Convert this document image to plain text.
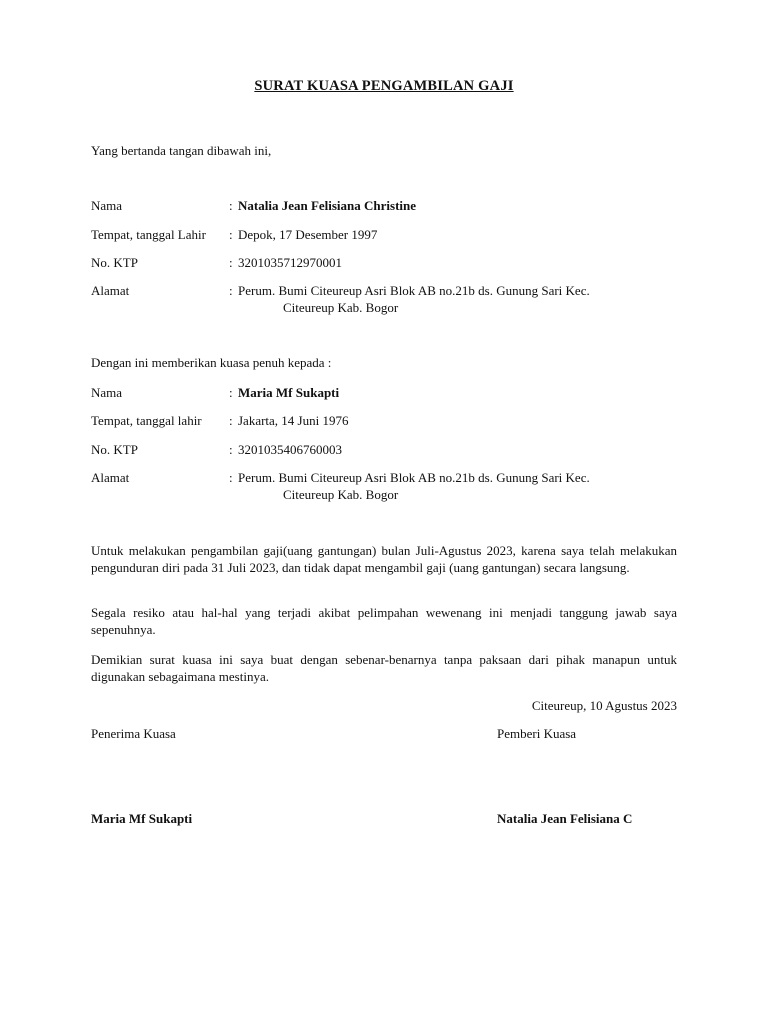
SURAT KUASA PENGAMBILAN GAJI
Yang bertanda tangan dibawah ini,
Nama	: Natalia Jean Felisiana Christine
Tempat, tanggal Lahir : Depok, 17 Desember 1997
No. KTP	: 3201035712970001
Alamat	: Perum. Bumi Citeureup Asri Blok AB no.21b ds. Gunung Sari Kec.
Citeureup Kab. Bogor
Dengan ini memberikan kuasa penuh kepada :
Nama	: Maria Mf Sukapti
Tempat, tanggal lahir : Jakarta, 14 Juni 1976
No. KTP	: 3201035406760003
Alamat	: Perum. Bumi Citeureup Asri Blok AB no.21b ds. Gunung Sari Kec.
Citeureup Kab. Bogor
Untuk melakukan pengambilan gaji(uang gantungan) bulan Juli-Agustus 2023, karena saya telah melakukan pengunduran diri pada 31 Juli 2023, dan tidak dapat mengambil gaji (uang gantungan) secara langsung.
Segala resiko atau hal-hal yang terjadi akibat pelimpahan wewenang ini menjadi tanggung jawab saya sepenuhnya.
Demikian surat kuasa ini saya buat dengan sebenar-benarnya tanpa paksaan dari pihak manapun untuk digunakan sebagaimana mestinya.
Citeureup, 10 Agustus 2023
Penerima Kuasa	Pemberi Kuasa
Maria Mf Sukapti	Natalia Jean Felisiana C
